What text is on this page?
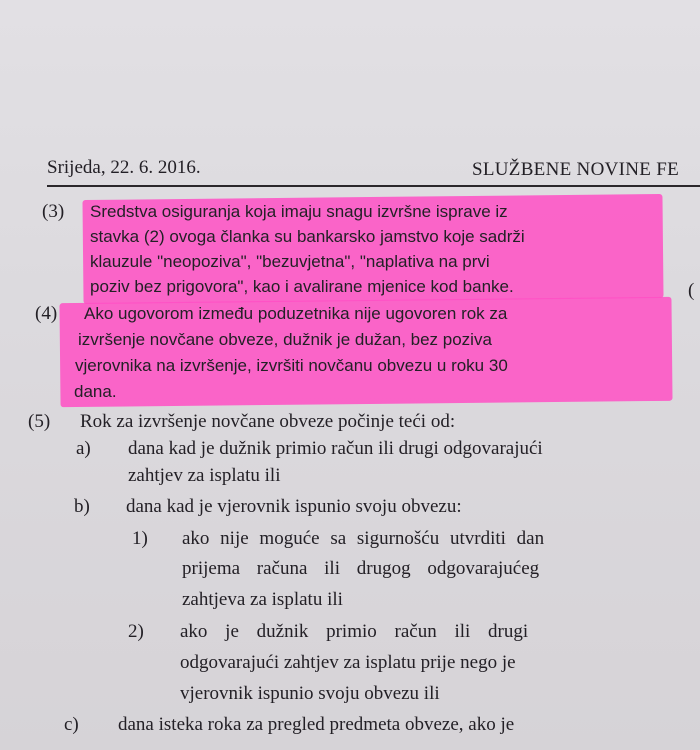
Srijeda, 22. 6. 2016.	SLUŽBENE NOVINE FE
(3) Sredstva osiguranja koja imaju snagu izvršne isprave iz
stavka (2) ovoga članka su bankarsko jamstvo koje sadrži
klauzule "neopoziva", "bezuvjetna", "naplativa na prvi
poziv bez prigovora", kao i avalirane mjenice kod banke.	(
(4) Ako ugovorom između poduzetnika nije ugovoren rok za
izvršenje novčane obveze, dužnik je dužan, bez poziva
vjerovnika na izvršenje, izvršiti novčanu obvezu u roku 30
dana.
(5) Rok za izvršenje novčane obveze počinje teći od:
a) dana kad je dužnik primio račun ili drugi odgovarajući
zahtjev za isplatu ili
b) dana kad je vjerovnik ispunio svoju obvezu:
1) ako nije moguće sa sigurnošću utvrditi dan
prijema računa ili drugog odgovarajućeg
zahtjeva za isplatu ili
2) ako je dužnik primio račun ili drugi
odgovarajući zahtjev za isplatu prije nego je
vjerovnik ispunio svoju obvezu ili
c) dana isteka roka za pregled predmeta obveze, ako je
